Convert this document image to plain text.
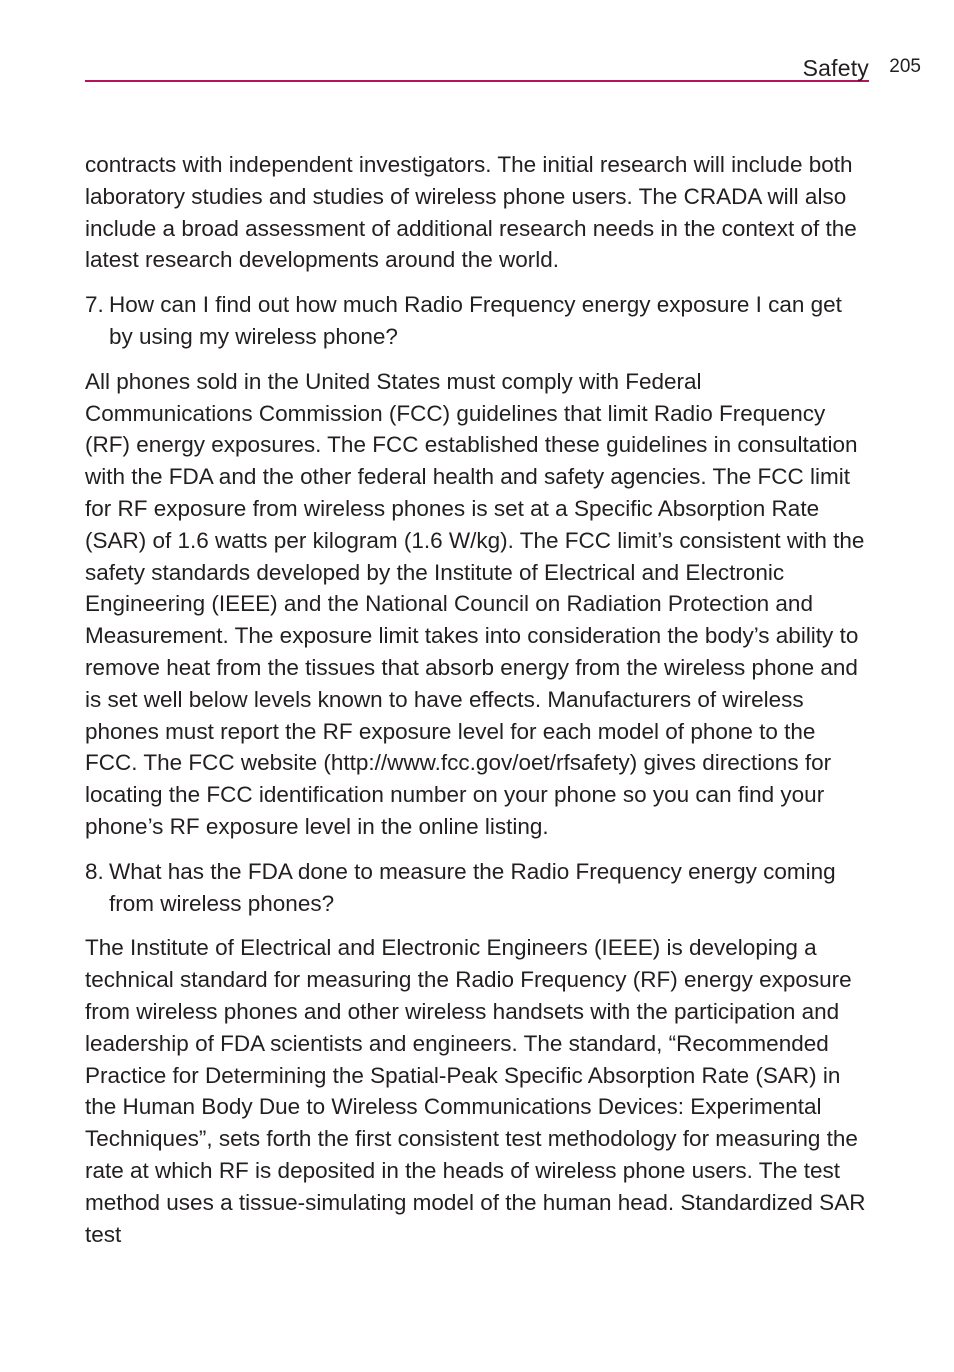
Safety 205

contracts with independent investigators. The initial research will include both laboratory studies and studies of wireless phone users. The CRADA will also include a broad assessment of additional research needs in the context of the latest research developments around the world.

7. How can I find out how much Radio Frequency energy exposure I can get by using my wireless phone?

All phones sold in the United States must comply with Federal Communications Commission (FCC) guidelines that limit Radio Frequency (RF) energy exposures. The FCC established these guidelines in consultation with the FDA and the other federal health and safety agencies. The FCC limit for RF exposure from wireless phones is set at a Specific Absorption Rate (SAR) of 1.6 watts per kilogram (1.6 W/kg). The FCC limit’s consistent with the safety standards developed by the Institute of Electrical and Electronic Engineering (IEEE) and the National Council on Radiation Protection and Measurement. The exposure limit takes into consideration the body’s ability to remove heat from the tissues that absorb energy from the wireless phone and is set well below levels known to have effects. Manufacturers of wireless phones must report the RF exposure level for each model of phone to the FCC. The FCC website (http://www.fcc.gov/oet/rfsafety) gives directions for locating the FCC identification number on your phone so you can find your phone’s RF exposure level in the online listing.

8. What has the FDA done to measure the Radio Frequency energy coming from wireless phones?

The Institute of Electrical and Electronic Engineers (IEEE) is developing a technical standard for measuring the Radio Frequency (RF) energy exposure from wireless phones and other wireless handsets with the participation and leadership of FDA scientists and engineers. The standard, “Recommended Practice for Determining the Spatial-Peak Specific Absorption Rate (SAR) in the Human Body Due to Wireless Communications Devices: Experimental Techniques”, sets forth the first consistent test methodology for measuring the rate at which RF is deposited in the heads of wireless phone users. The test method uses a tissue-simulating model of the human head. Standardized SAR test
